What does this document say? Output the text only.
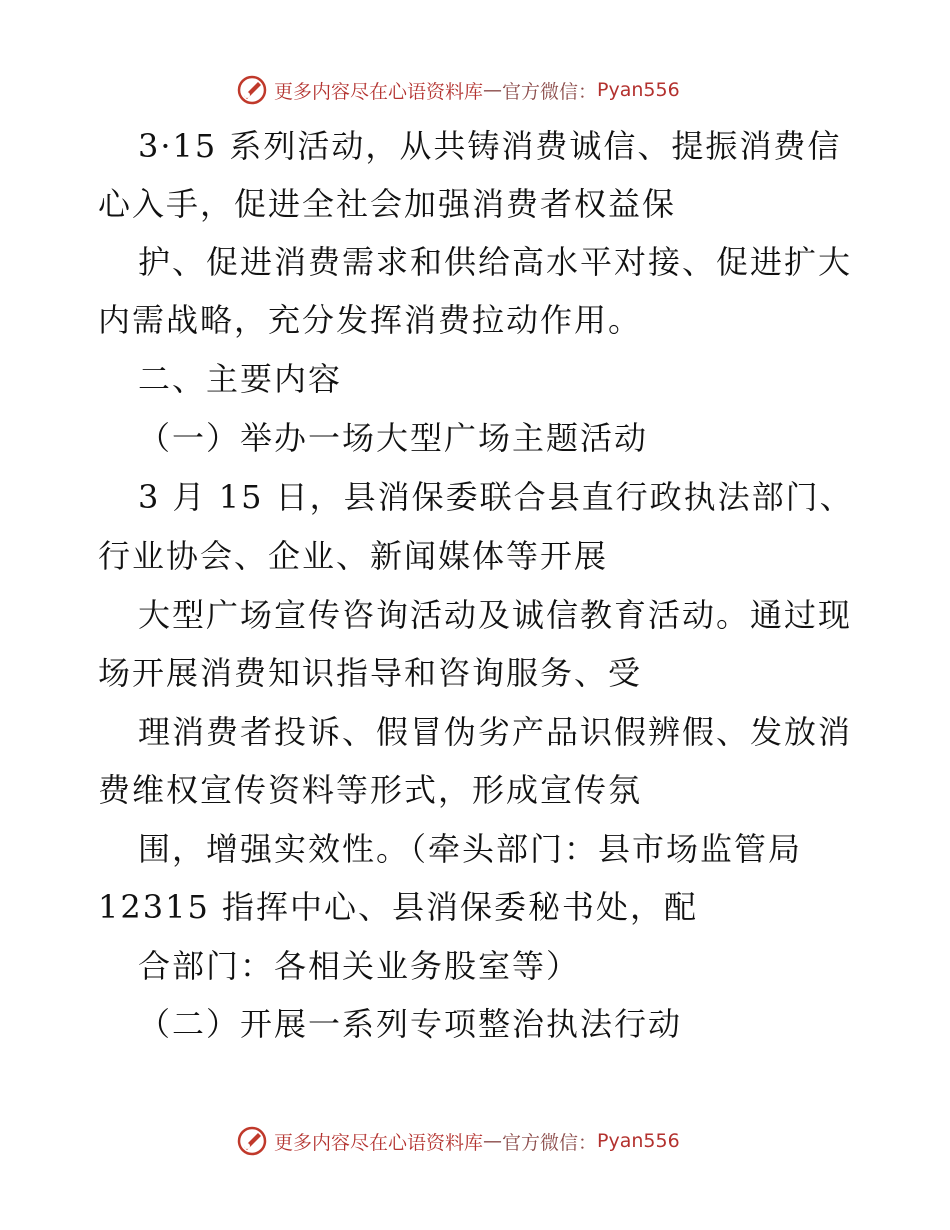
更多内容尽在心语资料库 — 官方微信： Pyan556
3·15 系列活动，从共铸消费诚信、提振消费信
心入手，促进全社会加强消费者权益保
护、促进消费需求和供给高水平对接、促进扩大
内需战略，充分发挥消费拉动作用。
二、主要内容
（一）举办一场大型广场主题活动
3 月 15 日，县消保委联合县直行政执法部门、
行业协会、企业、新闻媒体等开展
大型广场宣传咨询活动及诚信教育活动。通过现
场开展消费知识指导和咨询服务、受
理消费者投诉、假冒伪劣产品识假辨假、发放消
费维权宣传资料等形式，形成宣传氛
围，增强实效性。（牵头部门：县市场监管局
12315 指挥中心、县消保委秘书处，配
合部门：各相关业务股室等）
（二）开展一系列专项整治执法行动
更多内容尽在心语资料库 — 官方微信： Pyan556
